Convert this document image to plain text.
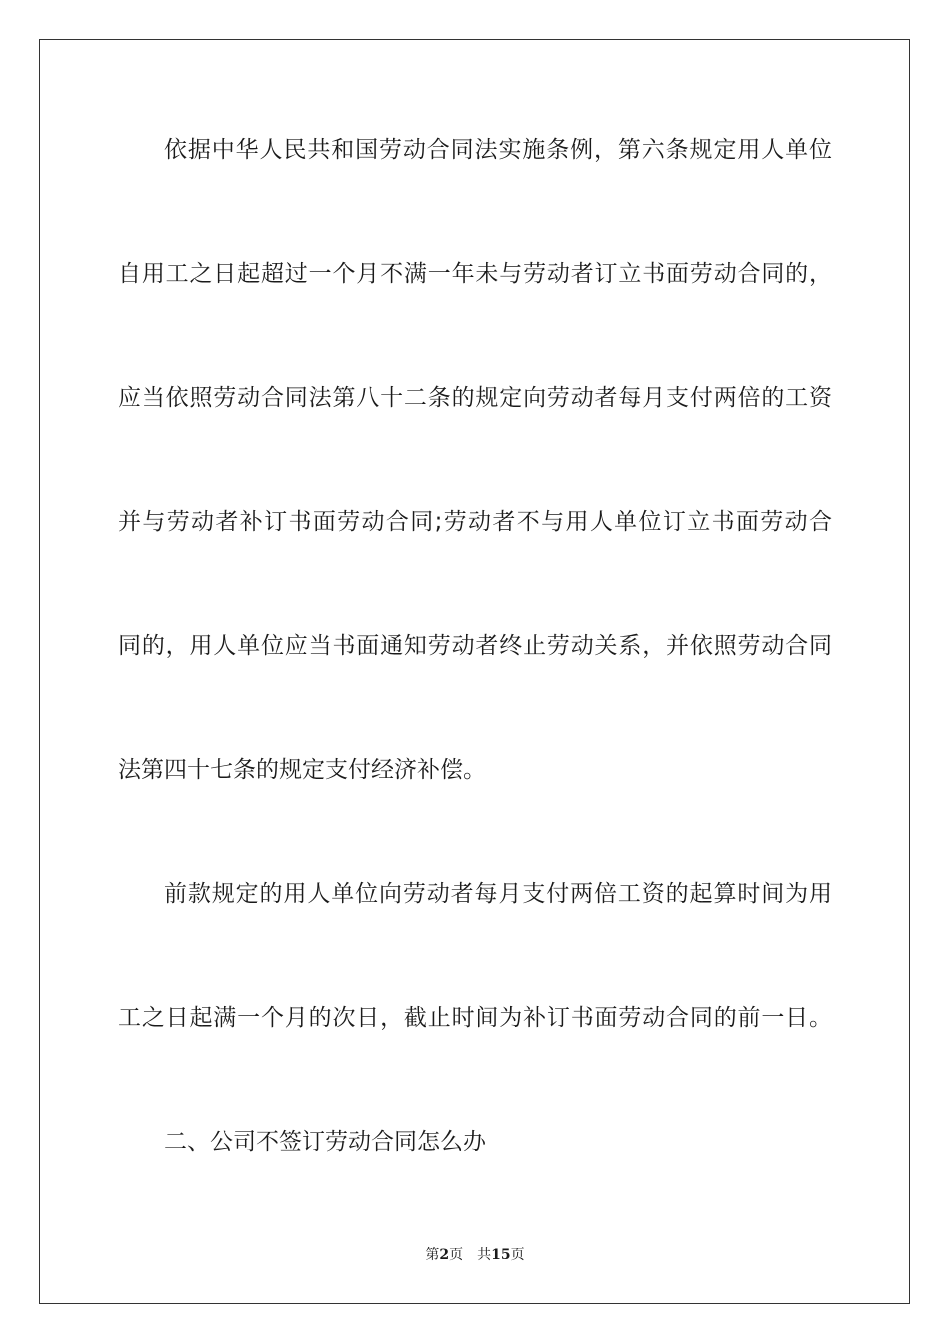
依据中华人民共和国劳动合同法实施条例，第六条规定用人单位
自用工之日起超过一个月不满一年未与劳动者订立书面劳动合同的，
应当依照劳动合同法第八十二条的规定向劳动者每月支付两倍的工资
并与劳动者补订书面劳动合同;劳动者不与用人单位订立书面劳动合
同的，用人单位应当书面通知劳动者终止劳动关系，并依照劳动合同
法第四十七条的规定支付经济补偿。
前款规定的用人单位向劳动者每月支付两倍工资的起算时间为用
工之日起满一个月的次日，截止时间为补订书面劳动合同的前一日。
二、公司不签订劳动合同怎么办
第2页 共15页
